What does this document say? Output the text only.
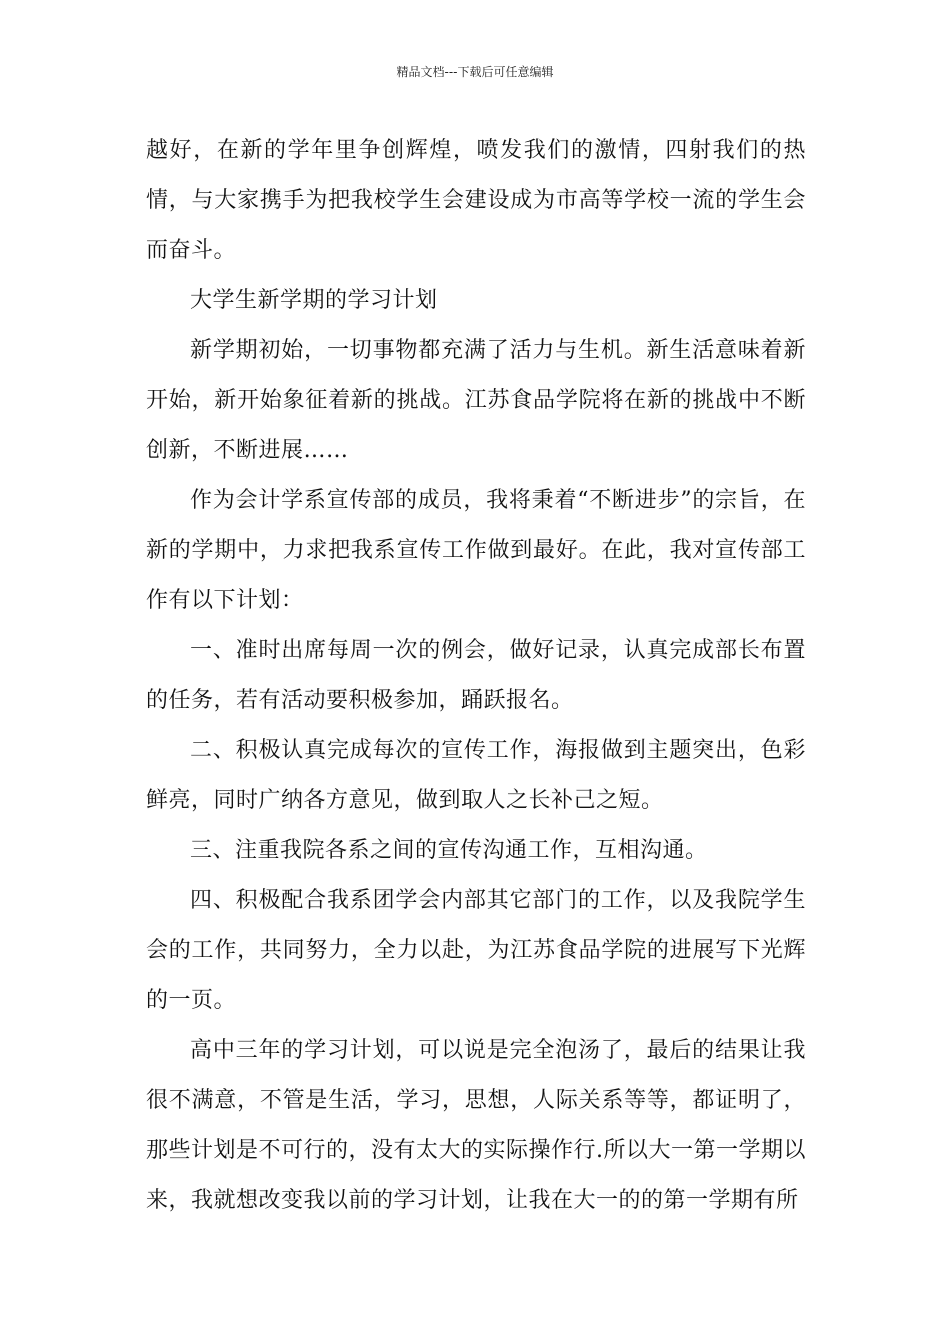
精品文档---下载后可任意编辑

越好，在新的学年里争创辉煌，喷发我们的激情，四射我们的热情，与大家携手为把我校学生会建设成为市高等学校一流的学生会而奋斗。

大学生新学期的学习计划

新学期初始，一切事物都充满了活力与生机。新生活意味着新开始，新开始象征着新的挑战。江苏食品学院将在新的挑战中不断创新，不断进展……

作为会计学系宣传部的成员，我将秉着“不断进步”的宗旨，在新的学期中，力求把我系宣传工作做到最好。在此，我对宣传部工作有以下计划：

一、准时出席每周一次的例会，做好记录，认真完成部长布置的任务，若有活动要积极参加，踊跃报名。

二、积极认真完成每次的宣传工作，海报做到主题突出，色彩鲜亮，同时广纳各方意见，做到取人之长补己之短。

三、注重我院各系之间的宣传沟通工作，互相沟通。

四、积极配合我系团学会内部其它部门的工作，以及我院学生会的工作，共同努力，全力以赴，为江苏食品学院的进展写下光辉的一页。

高中三年的学习计划，可以说是完全泡汤了，最后的结果让我很不满意，不管是生活，学习，思想，人际关系等等，都证明了，那些计划是不可行的，没有太大的实际操作行.所以大一第一学期以来，我就想改变我以前的学习计划，让我在大一的的第一学期有所
